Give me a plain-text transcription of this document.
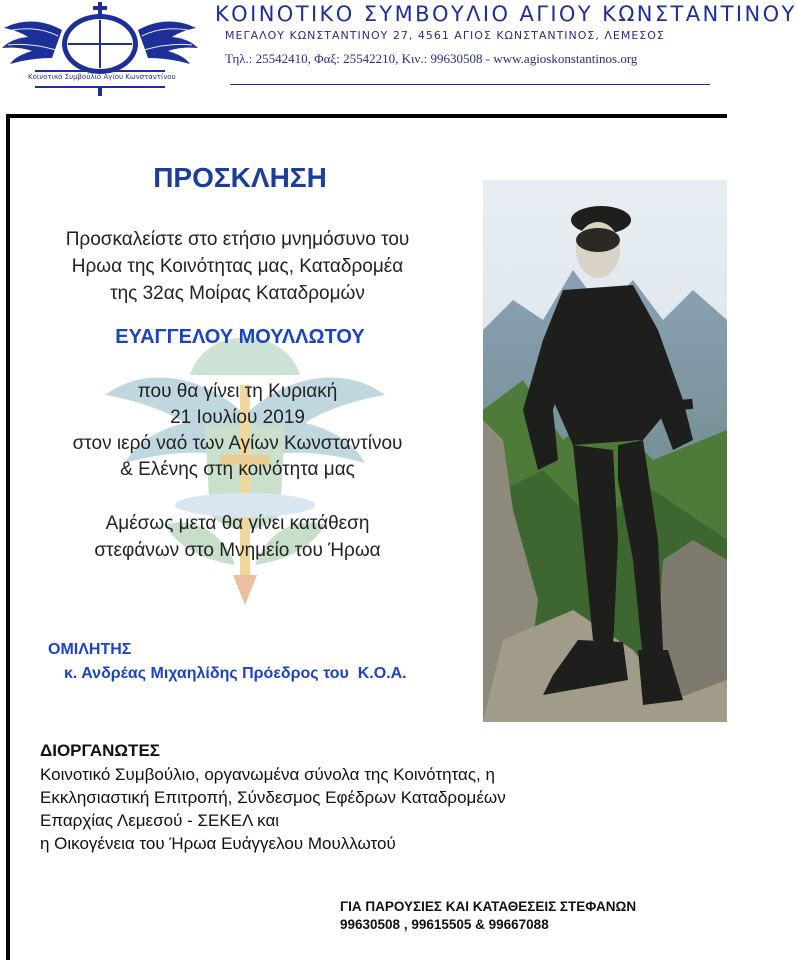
Κοινοτικό Συμβούλιο Αγίου Κωνσταντίνου
ΚΟΙΝΟΤΙΚΟ ΣΥΜΒΟΥΛΙΟ ΑΓΙΟΥ ΚΩΝΣΤΑΝΤΙΝΟΥ
ΜΕΓΑΛΟΥ ΚΩΝΣΤΑΝΤΙΝΟΥ 27, 4561 ΑΓΙΟΣ ΚΩΝΣΤΑΝΤΙΝΟΣ, ΛΕΜΕΣΟΣ
Τηλ.: 25542410, Φαξ: 25542210, Κιν.: 99630508 - www.agioskonstantinos.org
ΠΡΟΣΚΛΗΣΗ
Προσκαλείστε στο ετήσιο μνημόσυνο του
Ηρωα της Κοινότητας μας, Καταδρομέα
της 32ας Μοίρας Καταδρομών
ΕΥΑΓΓΕΛΟΥ ΜΟΥΛΛΩΤΟΥ
που θα γίνει τη Κυριακή
21 Ιουλίου 2019
στον ιερό ναό των Αγίων Κωνσταντίνου
& Ελένης στη κοινότητα μας
Αμέσως μετα θα γίνει κατάθεση
στεφάνων στο Μνημείο του Ήρωα
ΟΜΙΛΗΤΗΣ
κ. Ανδρέας Μιχαηλίδης Πρόεδρος του  Κ.Ο.Α.
ΔΙΟΡΓΑΝΩΤΕΣ
Κοινοτικό Συμβούλιο, οργανωμένα σύνολα της Κοινότητας, η
Εκκλησιαστική Επιτροπή, Σύνδεσμος Εφέδρων Καταδρομέων
Επαρχίας Λεμεσού - ΣΕΚΕΛ και
η Οικογένεια του Ήρωα Ευάγγελου Μουλλωτού
ΓΙΑ ΠΑΡΟΥΣΙΕΣ ΚΑΙ ΚΑΤΑΘΕΣΕΙΣ ΣΤΕΦΑΝΩΝ
99630508 , 99615505 & 99667088
